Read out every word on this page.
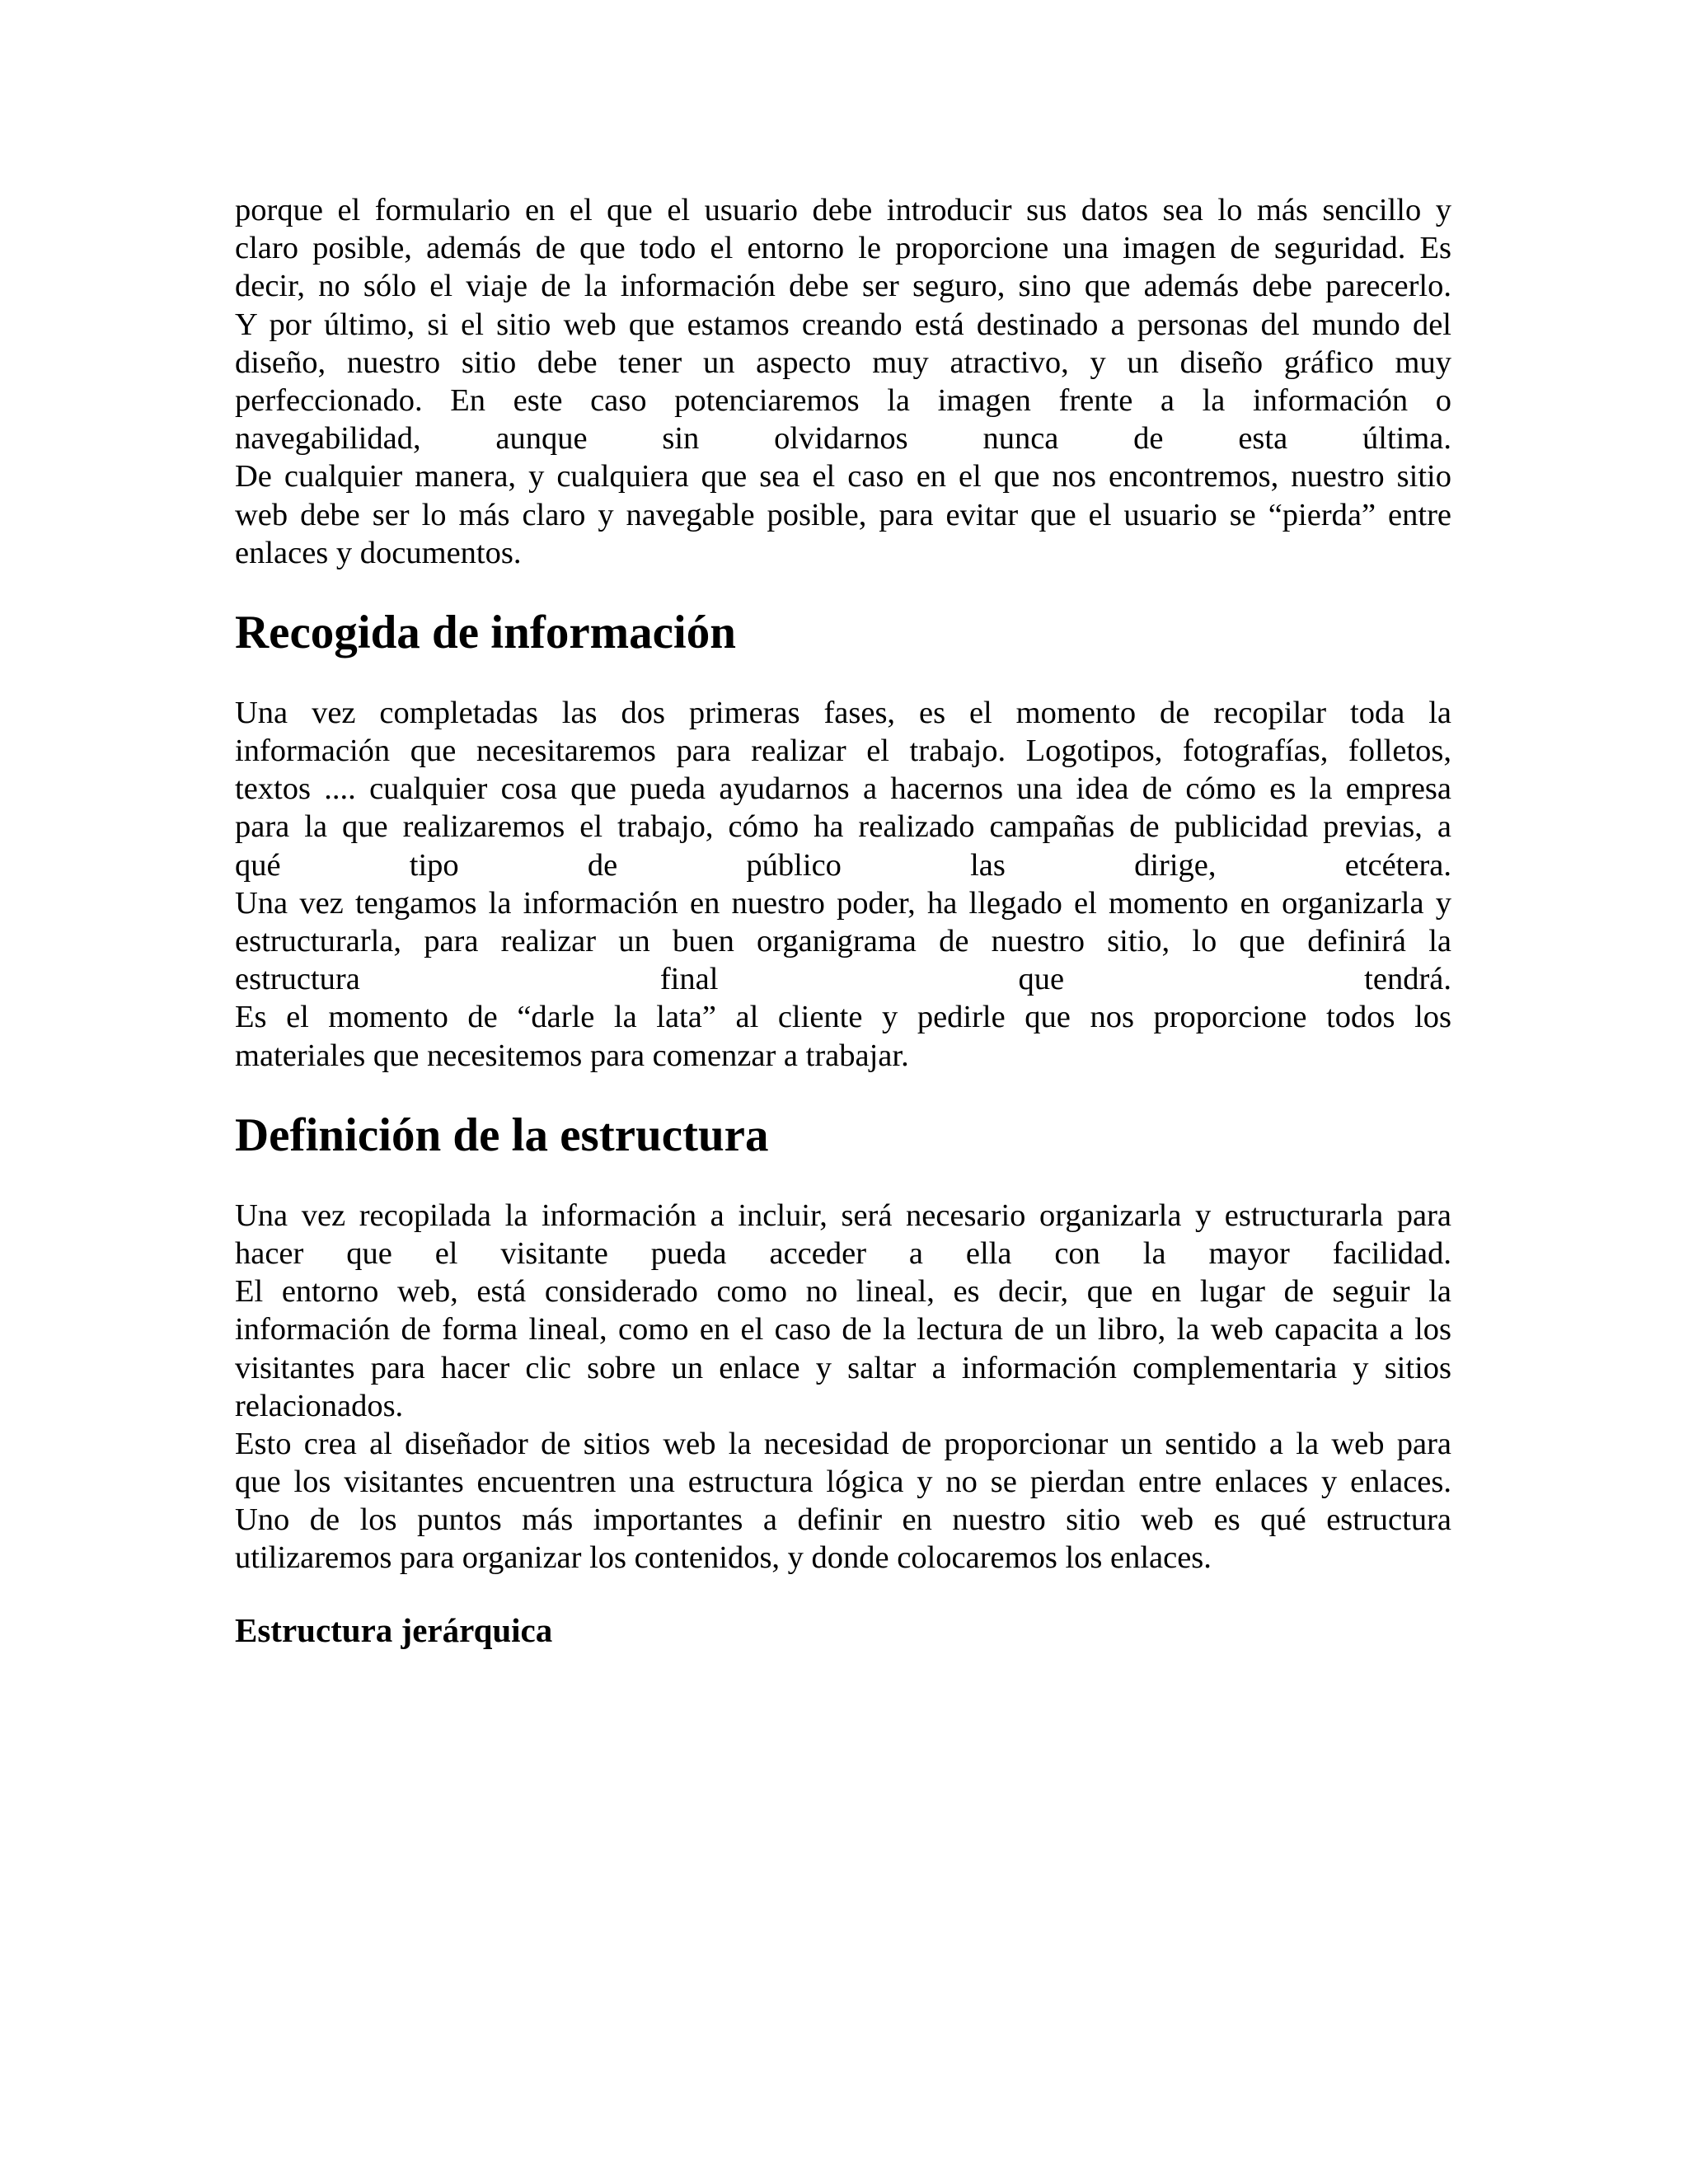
porque el formulario en el que el usuario debe introducir sus datos sea lo más sencillo y
claro posible, además de que todo el entorno le proporcione una imagen de seguridad. Es
decir, no sólo el viaje de la información debe ser seguro, sino que además debe parecerlo.
Y por último, si el sitio web que estamos creando está destinado a personas del mundo del
diseño, nuestro sitio debe tener un aspecto muy atractivo, y un diseño gráfico muy
perfeccionado. En este caso potenciaremos la imagen frente a la información o
navegabilidad, aunque sin olvidarnos nunca de esta última.
De cualquier manera, y cualquiera que sea el caso en el que nos encontremos, nuestro sitio
web debe ser lo más claro y navegable posible, para evitar que el usuario se “pierda” entre
enlaces y documentos.
Recogida de información
Una vez completadas las dos primeras fases, es el momento de recopilar toda la
información que necesitaremos para realizar el trabajo. Logotipos, fotografías, folletos,
textos .... cualquier cosa que pueda ayudarnos a hacernos una idea de cómo es la empresa
para la que realizaremos el trabajo, cómo ha realizado campañas de publicidad previas, a
qué tipo de público las dirige, etcétera.
Una vez tengamos la información en nuestro poder, ha llegado el momento en organizarla y
estructurarla, para realizar un buen organigrama de nuestro sitio, lo que definirá la
estructura final que tendrá.
Es el momento de “darle la lata” al cliente y pedirle que nos proporcione todos los
materiales que necesitemos para comenzar a trabajar.
Definición de la estructura
Una vez recopilada la información a incluir, será necesario organizarla y estructurarla para
hacer que el visitante pueda acceder a ella con la mayor facilidad.
El entorno web, está considerado como no lineal, es decir, que en lugar de seguir la
información de forma lineal, como en el caso de la lectura de un libro, la web capacita a los
visitantes para hacer clic sobre un enlace y saltar a información complementaria y sitios
relacionados.
Esto crea al diseñador de sitios web la necesidad de proporcionar un sentido a la web para
que los visitantes encuentren una estructura lógica y no se pierdan entre enlaces y enlaces.
Uno de los puntos más importantes a definir en nuestro sitio web es qué estructura
utilizaremos para organizar los contenidos, y donde colocaremos los enlaces.
Estructura jerárquica
